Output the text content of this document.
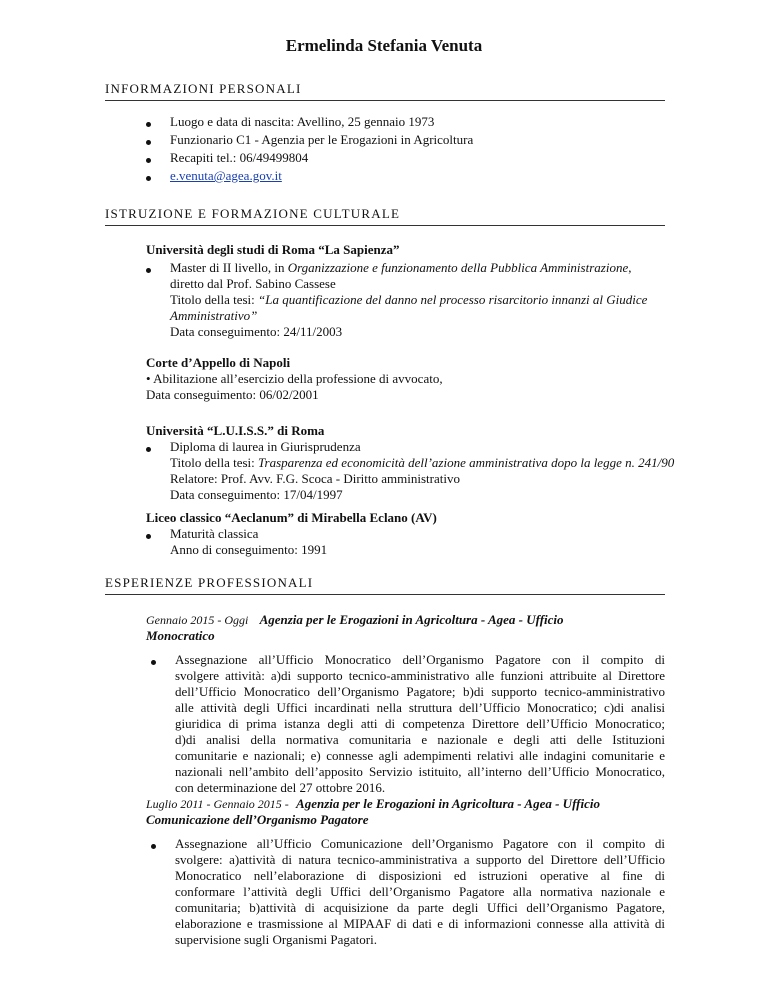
Ermelinda Stefania Venuta
INFORMAZIONI PERSONALI
Luogo e data di nascita: Avellino, 25 gennaio 1973
Funzionario C1 - Agenzia per le Erogazioni in Agricoltura
Recapiti tel.: 06/49499804
e.venuta@agea.gov.it
ISTRUZIONE E FORMAZIONE CULTURALE
Università degli studi di Roma “La Sapienza”
Master di II livello, in Organizzazione e funzionamento della Pubblica Amministrazione,
diretto dal Prof. Sabino Cassese
Titolo della tesi: “La quantificazione del danno nel processo risarcitorio innanzi al Giudice
Amministrativo”
Data conseguimento: 24/11/2003
Corte d’Appello di Napoli
• Abilitazione all’esercizio della professione di avvocato,
Data conseguimento: 06/02/2001
Università “L.U.I.S.S.” di Roma
Diploma di laurea in Giurisprudenza
Titolo della tesi: Trasparenza ed economicità dell’azione amministrativa dopo la legge n. 241/90
Relatore: Prof. Avv. F.G. Scoca - Diritto amministrativo
Data conseguimento: 17/04/1997
Liceo classico “Aeclanum” di Mirabella Eclano (AV)
Maturità classica
Anno di conseguimento: 1991
ESPERIENZE PROFESSIONALI
Gennaio 2015 - Oggi Agenzia per le Erogazioni in Agricoltura - Agea - Ufficio
Monocratico
Assegnazione all’Ufficio Monocratico dell’Organismo Pagatore con il compito di
svolgere attività: a)di supporto tecnico-amministrativo alle funzioni attribuite al Direttore
dell’Ufficio Monocratico dell’Organismo Pagatore; b)di supporto tecnico-amministrativo
alle attività degli Uffici incardinati nella struttura dell’Ufficio Monocratico; c)di analisi
giuridica di prima istanza degli atti di competenza Direttore dell’Ufficio Monocratico;
d)di analisi della normativa comunitaria e nazionale e degli atti delle Istituzioni
comunitarie e nazionali; e) connesse agli adempimenti relativi alle indagini comunitarie e
nazionali nell’ambito dell’apposito Servizio istituito, all’interno dell’Ufficio Monocratico,
con determinazione del 27 ottobre 2016.
Luglio 2011 - Gennaio 2015 - Agenzia per le Erogazioni in Agricoltura - Agea - Ufficio
Comunicazione dell’Organismo Pagatore
Assegnazione all’Ufficio Comunicazione dell’Organismo Pagatore con il compito di
svolgere: a)attività di natura tecnico-amministrativa a supporto del Direttore dell’Ufficio
Monocratico nell’elaborazione di disposizioni ed istruzioni operative al fine di
conformare l’attività degli Uffici dell’Organismo Pagatore alla normativa nazionale e
comunitaria; b)attività di acquisizione da parte degli Uffici dell’Organismo Pagatore,
elaborazione e trasmissione al MIPAAF di dati e di informazioni connesse alla attività di
supervisione sugli Organismi Pagatori.
